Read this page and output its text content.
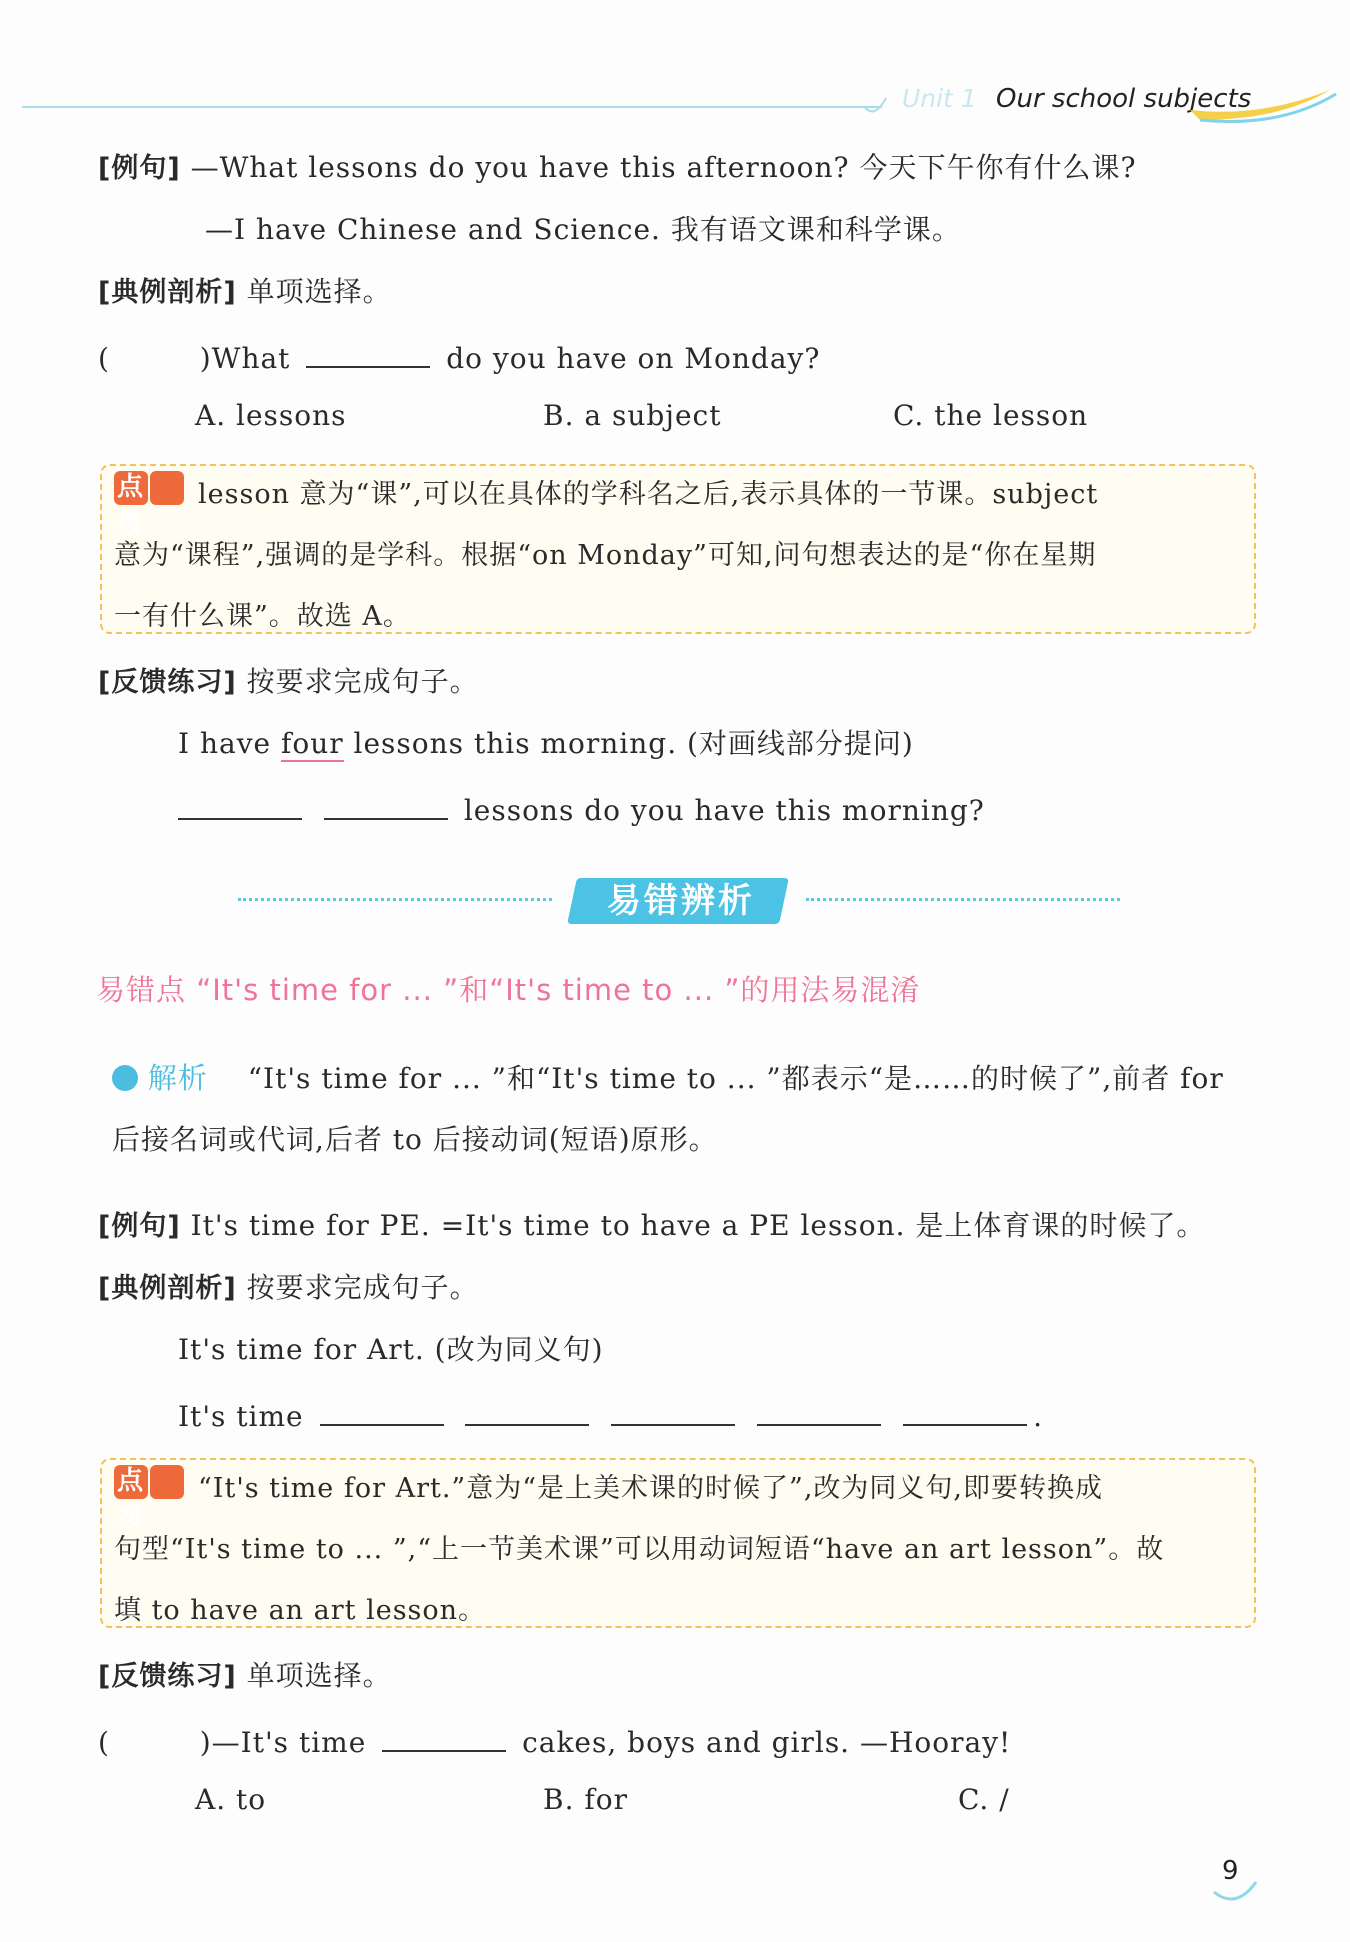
Unit 1 Our school subjects
[例句] —What lessons do you have this afternoon? 今天下午你有什么课?
—I have Chinese and Science. 我有语文课和科学课。
[典例剖析] 单项选择。
(	)What	do you have on Monday?
A. lessons	B. a subject	C. the lesson
点拨
lesson 意为“课”,可以在具体的学科名之后,表示具体的一节课。subject
意为“课程”,强调的是学科。根据“on Monday”可知,问句想表达的是“你在星期
一有什么课”。故选 A。
[反馈练习] 按要求完成句子。
I have four lessons this morning. (对画线部分提问)
lessons do you have this morning?
易错辨析
易错点 “It's time for ... ”和“It's time to ... ”的用法易混淆
解析 “It's time for ... ”和“It's time to ... ”都表示“是……的时候了”,前者 for
后接名词或代词,后者 to 后接动词(短语)原形。
[例句] It's time for PE. =It's time to have a PE lesson. 是上体育课的时候了。
[典例剖析] 按要求完成句子。
It's time for Art. (改为同义句)
It's time	.
点拨
“It's time for Art.”意为“是上美术课的时候了”,改为同义句,即要转换成
句型“It's time to ... ”,“上一节美术课”可以用动词短语“have an art lesson”。故
填 to have an art lesson。
[反馈练习] 单项选择。
(	)—It's time	cakes, boys and girls. —Hooray!
A. to	B. for	C. /
9
